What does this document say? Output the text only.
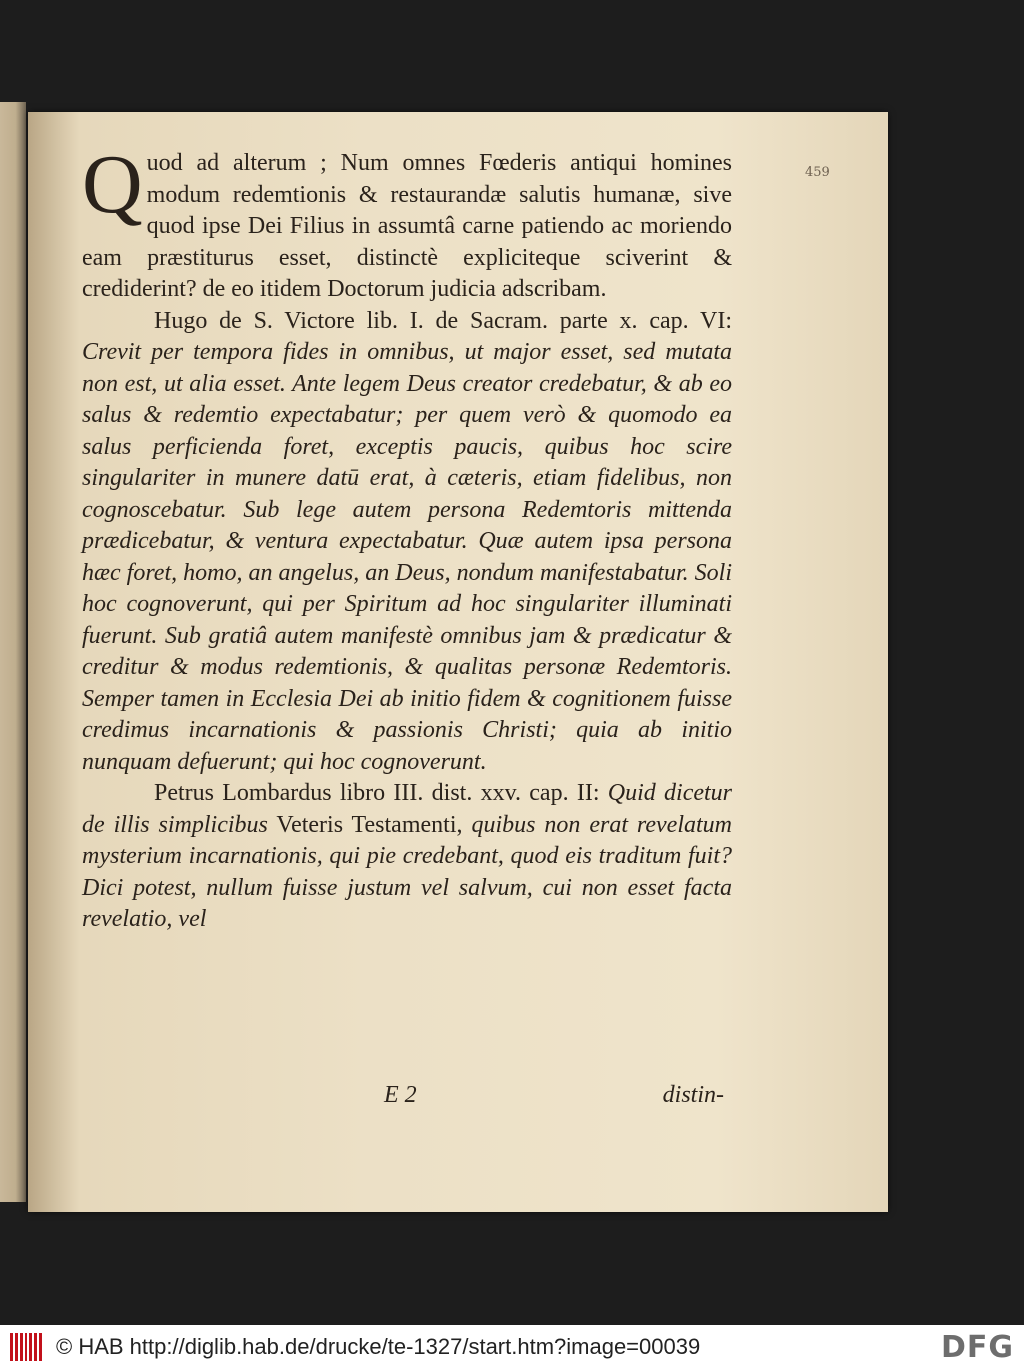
459

Q uod ad alterum ; Num omnes Fœderis antiqui homines modum redemtionis & restaurandæ salutis humanæ, sive quod ipse Dei Filius in assumtâ carne patiendo ac moriendo eam præstiturus esset, distinctè expliciteque sciverint & crediderint? de eo itidem Doctorum judicia adscribam.

Hugo de S. Victore lib. I. de Sacram. parte x. cap. VI: Crevit per tempora fides in omnibus, ut major esset, sed mutata non est, ut alia esset. Ante legem Deus creator credebatur, & ab eo salus & redemtio expectabatur; per quem verò & quomodo ea salus perficienda foret, exceptis paucis, quibus hoc scire singulariter in munere datū erat, à cæteris, etiam fidelibus, non cognoscebatur. Sub lege autem persona Redemtoris mittenda prædicebatur, & ventura expectabatur. Quæ autem ipsa persona hæc foret, homo, an angelus, an Deus, nondum manifestabatur. Soli hoc cognoverunt, qui per Spiritum ad hoc singulariter illuminati fuerunt. Sub gratiâ autem manifestè omnibus jam & prædicatur & creditur & modus redemtionis, & qualitas personæ Redemtoris. Semper tamen in Ecclesia Dei ab initio fidem & cognitionem fuisse credimus incarnationis & passionis Christi; quia ab initio nunquam defuerunt; qui hoc cognoverunt.

Petrus Lombardus libro III. dist. xxv. cap. II: Quid dicetur de illis simplicibus Veteris Testamenti, quibus non erat revelatum mysterium incarnationis, qui pie credebant, quod eis traditum fuit? Dici potest, nullum fuisse justum vel salvum, cui non esset facta revelatio, vel

E 2	distin-
© HAB http://diglib.hab.de/drucke/te-1327/start.htm?image=00039	DFG
